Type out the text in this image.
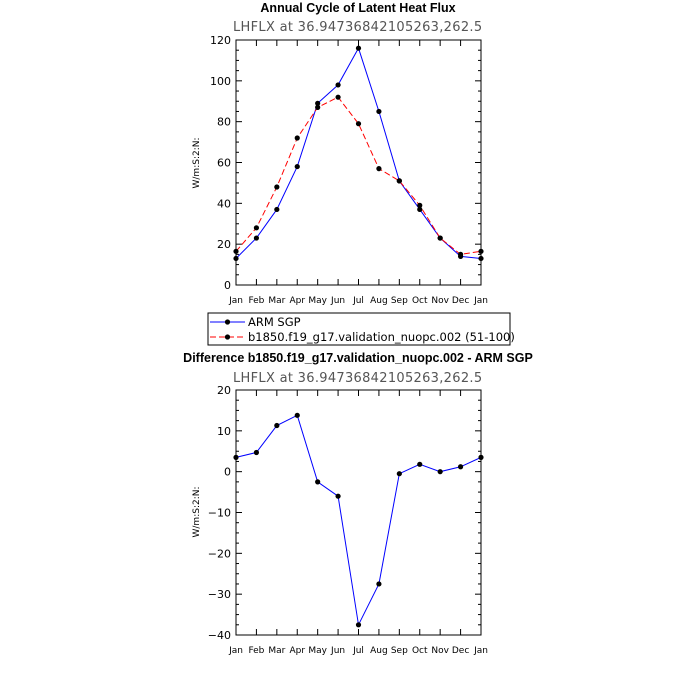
Annual Cycle of Latent Heat Flux
LHFLX at 36.94736842105263,262.5
W/m:S:2:N:
0
20
40
60
80
100
120
Jan Feb Mar Apr May Jun Jul Aug Sep Oct Nov Dec Jan
ARM SGP
b1850.f19_g17.validation_nuopc.002 (51-100)
Difference b1850.f19_g17.validation_nuopc.002 - ARM SGP
LHFLX at 36.94736842105263,262.5
W/m:S:2:N:
−40
−30
−20
−10
0
10
20
Jan Feb Mar Apr May Jun Jul Aug Sep Oct Nov Dec Jan
